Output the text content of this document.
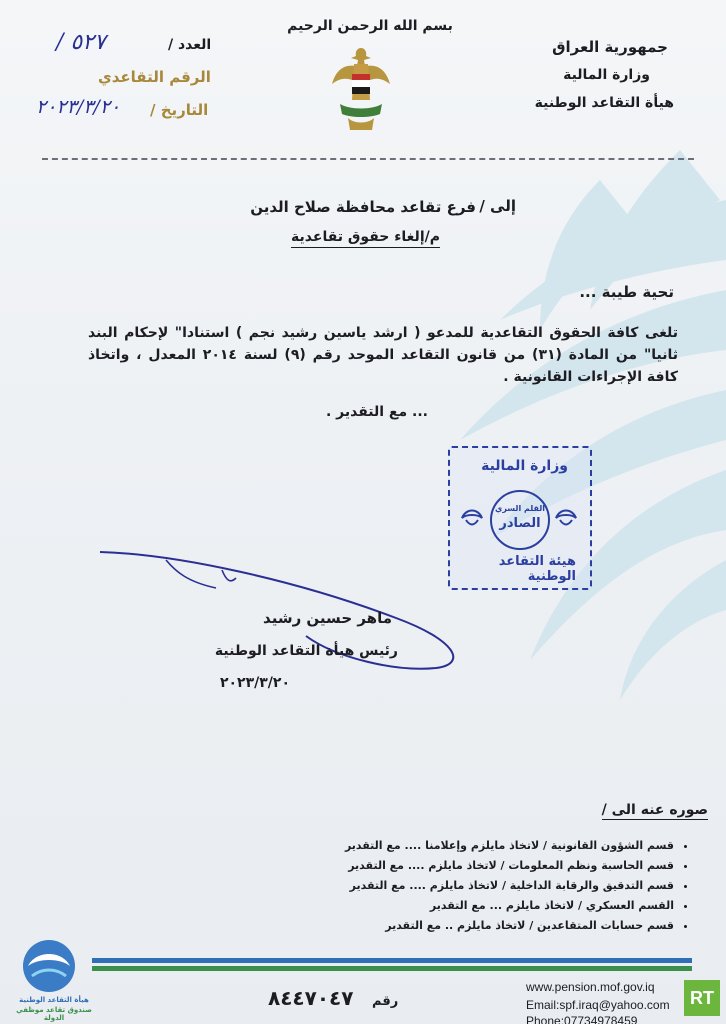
بسم الله الرحمن الرحيم
جمهورية العراق
وزارة المالية
هيأة التقاعد الوطنية
العدد /
٥٢٧ /
الرقم التقاعدي
التاريخ /
٢٠٢٣/٣/٢٠
إلى /
فرع تقاعد محافظة صلاح الدين
م/إلغاء حقوق تقاعدية
تحية طيبة ...
تلغى كافة الحقوق التقاعدية للمدعو ( ارشد ياسين رشيد نجم ) استنادا" لإحكام البند ثانيا" من المادة (٣١) من قانون التقاعد الموحد رقم (٩) لسنة ٢٠١٤ المعدل ، واتخاذ كافة الإجراءات القانونية .
... مع التقدير .
وزارة المالية
القلم السري
الصادر
هيئة التقاعد الوطنية
ماهر حسين رشيد
رئيس هيأة التقاعد الوطنية
٢٠٢٣/٣/٢٠
صوره عنه الى /
• قسم الشؤون القانونية / لاتخاذ مايلزم وإعلامنا .... مع التقدير
• قسم الحاسبة ونظم المعلومات / لاتخاذ مايلزم .... مع التقدير
• قسم التدقيق والرقابة الداخلية / لاتخاذ مايلزم .... مع التقدير
• القسم العسكري / لاتخاذ مايلزم ... مع التقدير
• قسم حسابات المتقاعدين / لاتخاذ مايلزم .. مع التقدير
هيأة التقاعد الوطنية
صندوق تقاعد موظفي الدولة
رقم
٨٤٤٧٠٤٧	www.pension.mof.gov.iq
Email:spf.iraq@yahoo.com
Phone:07734978459
RT
